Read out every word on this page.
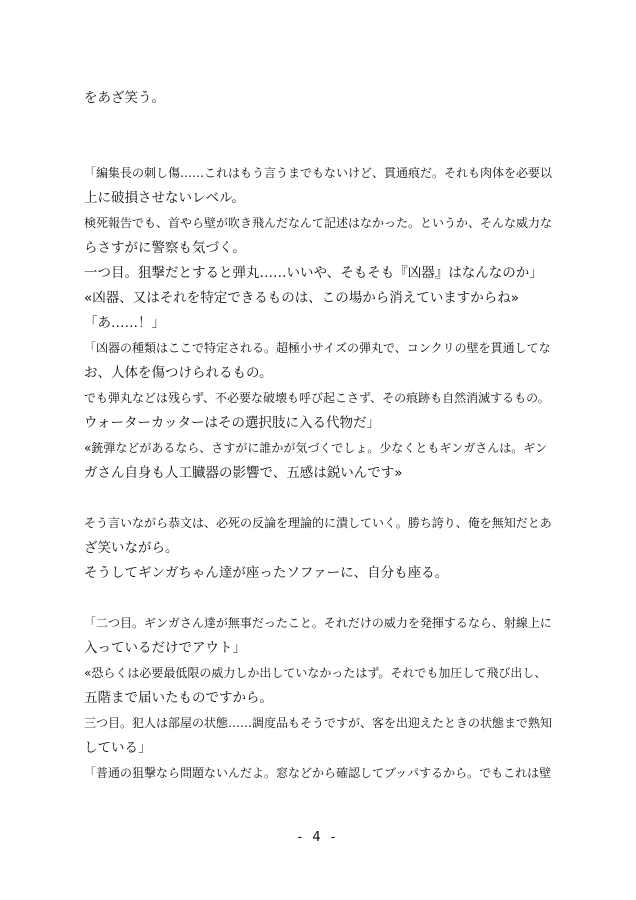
をあざ笑う。
「編集長の刺し傷……これはもう言うまでもないけど、貫通痕だ。それも肉体を必要以
上に破損させないレベル。
検死報告でも、首やら壁が吹き飛んだなんて記述はなかった。というか、そんな威力な
らさすがに警察も気づく。
一つ目。狙撃だとすると弾丸……いいや、そもそも『凶器』はなんなのか」
«凶器、又はそれを特定できるものは、この場から消えていますからね»
「あ……！」
「凶器の種類はここで特定される。超極小サイズの弾丸で、コンクリの壁を貫通してな
お、人体を傷つけられるもの。
でも弾丸などは残らず、不必要な破壊も呼び起こさず、その痕跡も自然消滅するもの。
ウォーターカッターはその選択肢に入る代物だ」
«銃弾などがあるなら、さすがに誰かが気づくでしょ。少なくともギンガさんは。ギン
ガさん自身も人工臓器の影響で、五感は鋭いんです»
そう言いながら恭文は、必死の反論を理論的に潰していく。勝ち誇り、俺を無知だとあ
ざ笑いながら。
そうしてギンガちゃん達が座ったソファーに、自分も座る。
「二つ目。ギンガさん達が無事だったこと。それだけの威力を発揮するなら、射線上に
入っているだけでアウト」
«恐らくは必要最低限の威力しか出していなかったはず。それでも加圧して飛び出し、
五階まで届いたものですから。
三つ目。犯人は部屋の状態……調度品もそうですが、客を出迎えたときの状態まで熟知
している」
「普通の狙撃なら問題ないんだよ。窓などから確認してブッパするから。でもこれは壁
- 4 -
